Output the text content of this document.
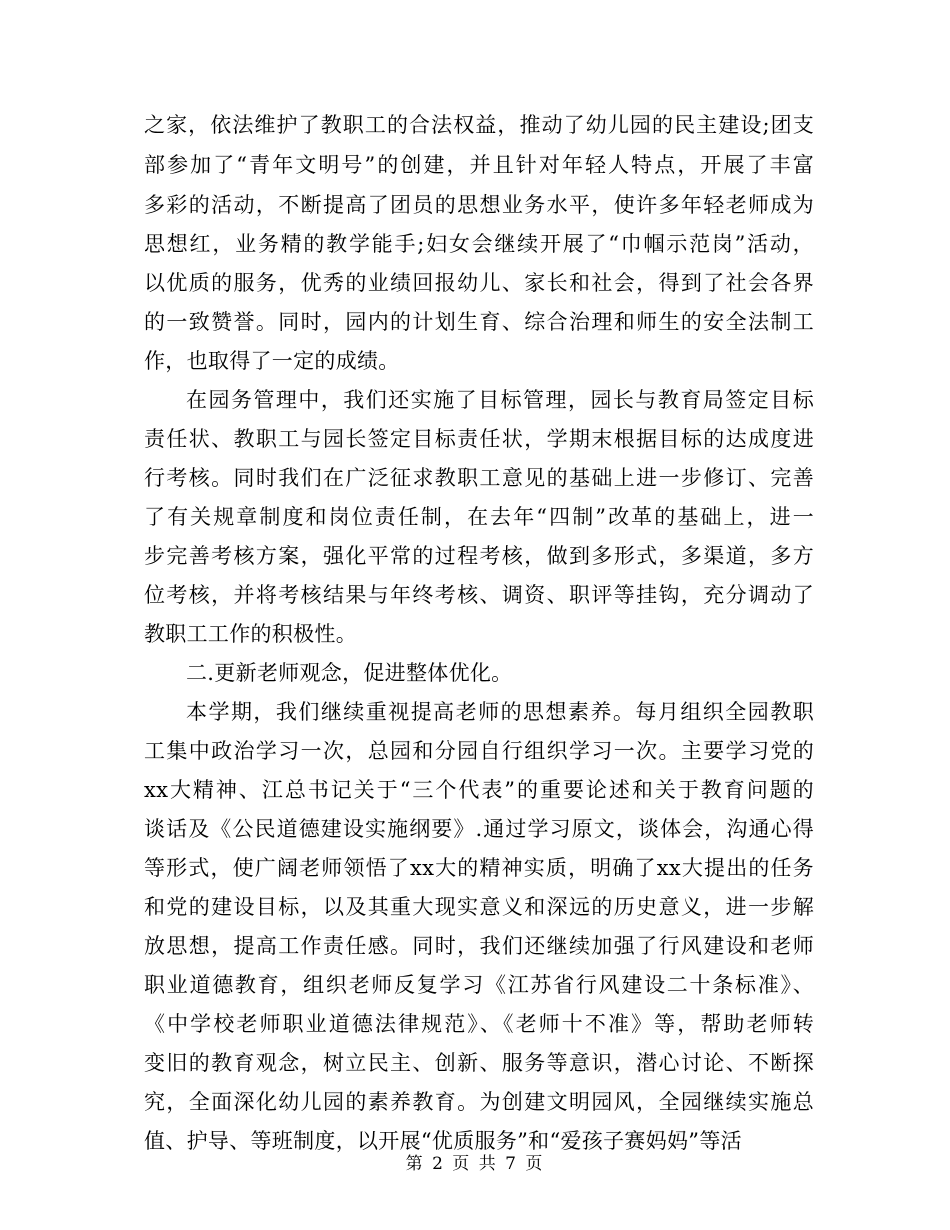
之家，依法维护了教职工的合法权益，推动了幼儿园的民主建设;团支
部参加了“青年文明号”的创建，并且针对年轻人特点，开展了丰富
多彩的活动，不断提高了团员的思想业务水平，使许多年轻老师成为
思想红，业务精的教学能手;妇女会继续开展了“巾帼示范岗”活动，
以优质的服务，优秀的业绩回报幼儿、家长和社会，得到了社会各界
的一致赞誉。同时，园内的计划生育、综合治理和师生的安全法制工
作，也取得了一定的成绩。
在园务管理中，我们还实施了目标管理，园长与教育局签定目标
责任状、教职工与园长签定目标责任状，学期末根据目标的达成度进
行考核。同时我们在广泛征求教职工意见的基础上进一步修订、完善
了有关规章制度和岗位责任制，在去年“四制”改革的基础上，进一
步完善考核方案，强化平常的过程考核，做到多形式，多渠道，多方
位考核，并将考核结果与年终考核、调资、职评等挂钩，充分调动了
教职工工作的积极性。
二.更新老师观念，促进整体优化。
本学期，我们继续重视提高老师的思想素养。每月组织全园教职
工集中政治学习一次，总园和分园自行组织学习一次。主要学习党的
xx大精神、江总书记关于“三个代表”的重要论述和关于教育问题的
谈话及《公民道德建设实施纲要》.通过学习原文，谈体会，沟通心得
等形式，使广阔老师领悟了xx大的精神实质，明确了xx大提出的任务
和党的建设目标，以及其重大现实意义和深远的历史意义，进一步解
放思想，提高工作责任感。同时，我们还继续加强了行风建设和老师
职业道德教育，组织老师反复学习《江苏省行风建设二十条标准》、
《中学校老师职业道德法律规范》、《老师十不准》等，帮助老师转
变旧的教育观念，树立民主、创新、服务等意识，潜心讨论、不断探
究，全面深化幼儿园的素养教育。为创建文明园风，全园继续实施总
值、护导、等班制度，以开展“优质服务”和“爱孩子赛妈妈”等活
第 2 页 共 7 页
